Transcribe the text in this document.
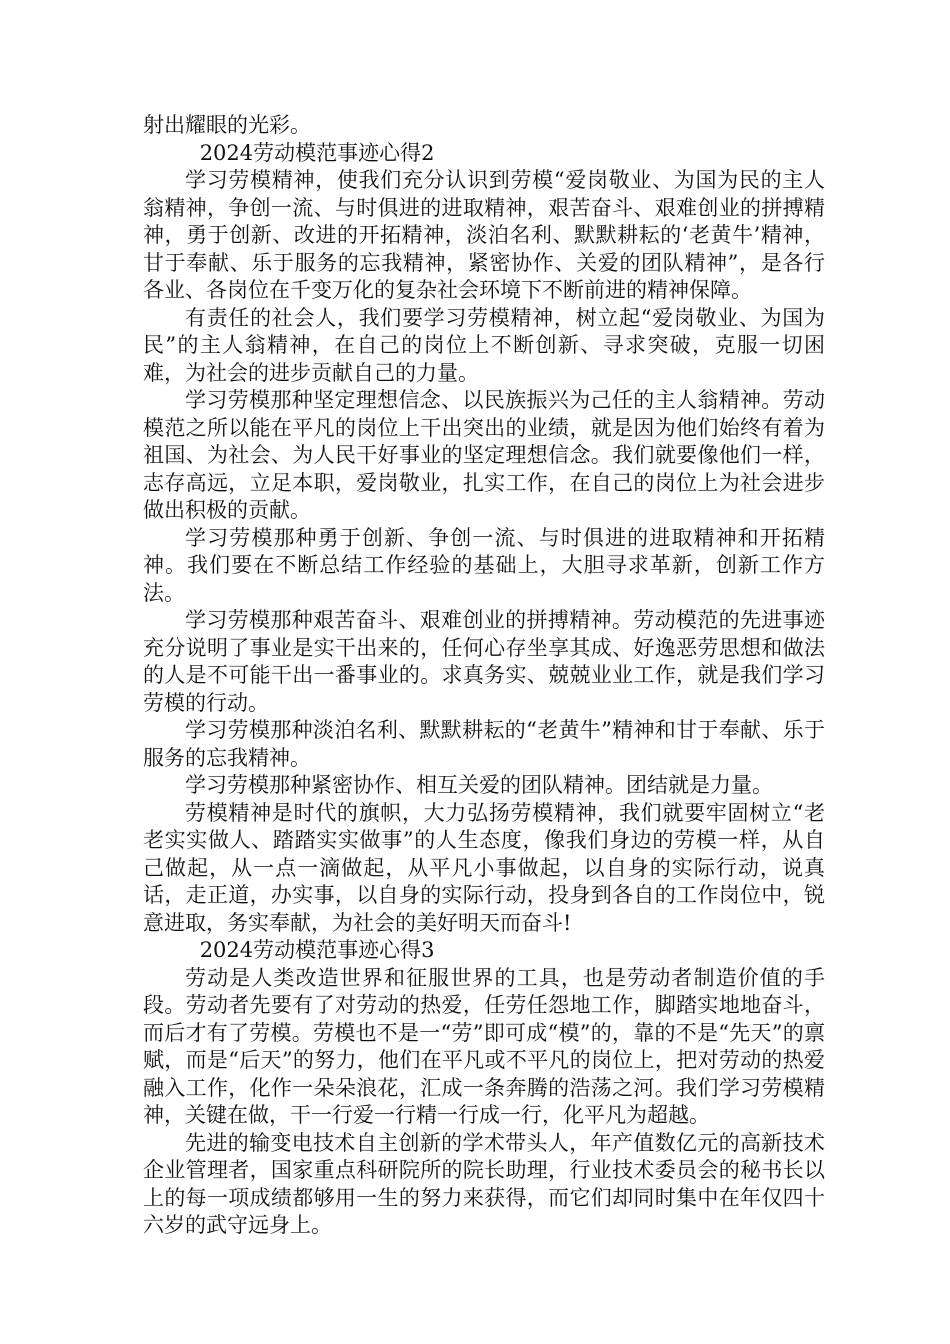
射出耀眼的光彩。

2024劳动模范事迹心得2

学习劳模精神，使我们充分认识到劳模“爱岗敬业、为国为民的主人翁精神，争创一流、与时俱进的进取精神，艰苦奋斗、艰难创业的拼搏精神，勇于创新、改进的开拓精神，淡泊名利、默默耕耘的‘老黄牛’精神，甘于奉献、乐于服务的忘我精神，紧密协作、关爱的团队精神”，是各行各业、各岗位在千变万化的复杂社会环境下不断前进的精神保障。

有责任的社会人，我们要学习劳模精神，树立起“爱岗敬业、为国为民”的主人翁精神，在自己的岗位上不断创新、寻求突破，克服一切困难，为社会的进步贡献自己的力量。

学习劳模那种坚定理想信念、以民族振兴为己任的主人翁精神。劳动模范之所以能在平凡的岗位上干出突出的业绩，就是因为他们始终有着为祖国、为社会、为人民干好事业的坚定理想信念。我们就要像他们一样，志存高远，立足本职，爱岗敬业，扎实工作，在自己的岗位上为社会进步做出积极的贡献。

学习劳模那种勇于创新、争创一流、与时俱进的进取精神和开拓精神。我们要在不断总结工作经验的基础上，大胆寻求革新，创新工作方法。

学习劳模那种艰苦奋斗、艰难创业的拼搏精神。劳动模范的先进事迹充分说明了事业是实干出来的，任何心存坐享其成、好逸恶劳思想和做法的人是不可能干出一番事业的。求真务实、兢兢业业工作，就是我们学习劳模的行动。

学习劳模那种淡泊名利、默默耕耘的“老黄牛”精神和甘于奉献、乐于服务的忘我精神。

学习劳模那种紧密协作、相互关爱的团队精神。团结就是力量。

劳模精神是时代的旗帜，大力弘扬劳模精神，我们就要牢固树立“老老实实做人、踏踏实实做事”的人生态度，像我们身边的劳模一样，从自己做起，从一点一滴做起，从平凡小事做起，以自身的实际行动，说真话，走正道，办实事，以自身的实际行动，投身到各自的工作岗位中，锐意进取，务实奉献，为社会的美好明天而奋斗!

2024劳动模范事迹心得3

劳动是人类改造世界和征服世界的工具，也是劳动者制造价值的手段。劳动者先要有了对劳动的热爱，任劳任怨地工作，脚踏实地地奋斗，而后才有了劳模。劳模也不是一“劳”即可成“模”的，靠的不是“先天”的禀赋，而是“后天”的努力，他们在平凡或不平凡的岗位上，把对劳动的热爱融入工作，化作一朵朵浪花，汇成一条奔腾的浩荡之河。我们学习劳模精神，关键在做，干一行爱一行精一行成一行，化平凡为超越。

先进的输变电技术自主创新的学术带头人，年产值数亿元的高新技术企业管理者，国家重点科研院所的院长助理，行业技术委员会的秘书长以上的每一项成绩都够用一生的努力来获得，而它们却同时集中在年仅四十六岁的武守远身上。
